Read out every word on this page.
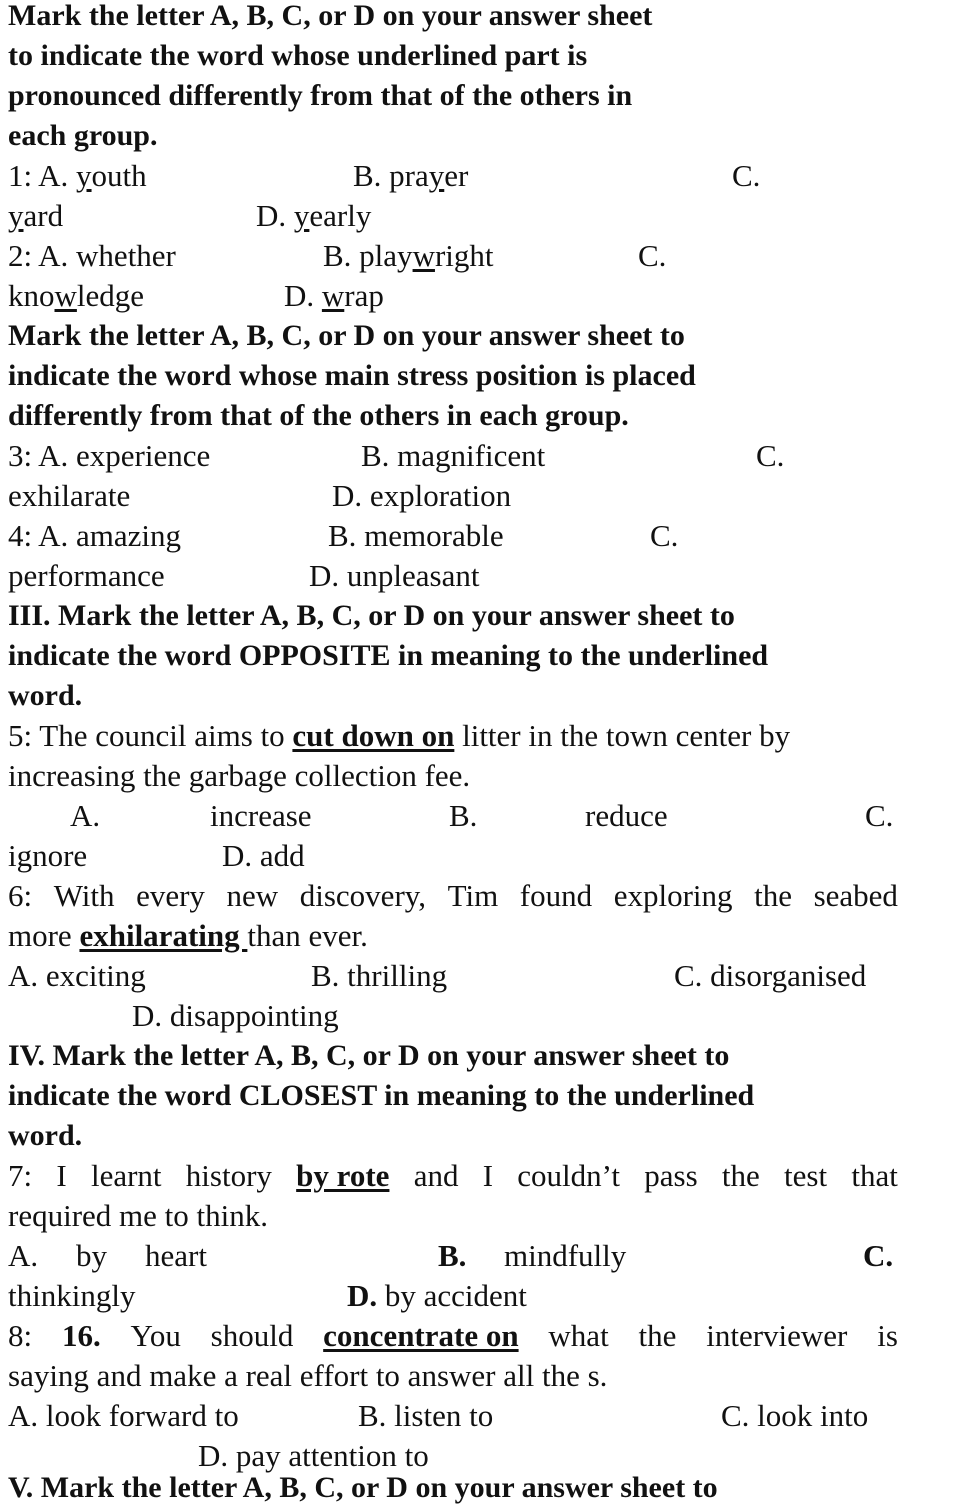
Mark the letter A, B, C, or D on your answer sheet
to indicate the word whose underlined part is
pronounced differently from that of the others in
each group.
1: A. youth	B. prayer	C.
yard	D. yearly
2: A. whether	B. playwright	C.
knowledge	D. wrap
Mark the letter A, B, C, or D on your answer sheet to
indicate the word whose main stress position is placed
differently from that of the others in each group.
3: A. experience	B. magnificent	C.
exhilarate	D. exploration
4: A. amazing	B. memorable	C.
performance	D. unpleasant
III. Mark the letter A, B, C, or D on your answer sheet to
indicate the word OPPOSITE in meaning to the underlined
word.
5: The council aims to cut down on litter in the town center by
increasing the garbage collection fee.
A.	increase	B.	reduce	C.
ignore	D. add
6: With every new discovery, Tim found exploring the seabed
more exhilarating than ever.
A. exciting	B. thrilling	C. disorganised
D. disappointing
IV. Mark the letter A, B, C, or D on your answer sheet to
indicate the word CLOSEST in meaning to the underlined
word.
7: I learnt history by rote and I couldn’t pass the test that
required me to think.
A. by heart	B. mindfully	C.
thinkingly	D. by accident
8: 16. You should concentrate on what the interviewer is
saying and make a real effort to answer all the s.
A. look forward to	B. listen to	C. look into
D. pay attention to
V. Mark the letter A, B, C, or D on your answer sheet to
